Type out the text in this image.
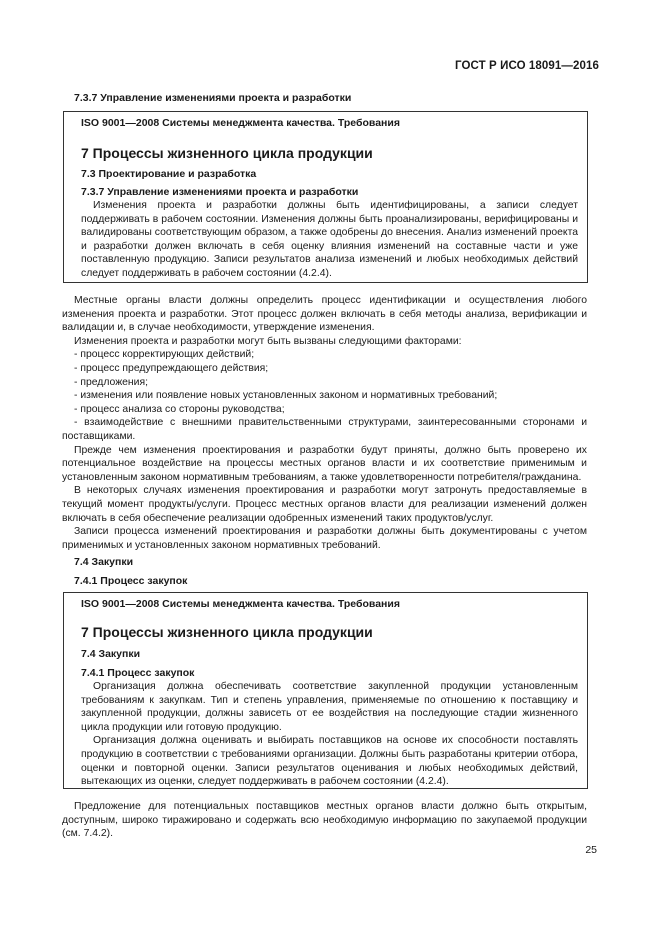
ГОСТ Р ИСО 18091—2016
7.3.7 Управление изменениями проекта и разработки
ISO 9001—2008 Системы менеджмента качества. Требования
7 Процессы жизненного цикла продукции
7.3 Проектирование и разработка
7.3.7 Управление изменениями проекта и разработки
Изменения проекта и разработки должны быть идентифицированы, а записи следует поддерживать в рабочем состоянии. Изменения должны быть проанализированы, верифицированы и валидированы соответствующим образом, а также одобрены до внесения. Анализ изменений проекта и разработки должен включать в себя оценку влияния изменений на составные части и уже поставленную продукцию. Записи результатов анализа изменений и любых необходимых действий следует поддерживать в рабочем состоянии (4.2.4).

Местные органы власти должны определить процесс идентификации и осуществления любого изменения проекта и разработки. Этот процесс должен включать в себя методы анализа, верификации и валидации и, в случае необходимости, утверждение изменения.

Изменения проекта и разработки могут быть вызваны следующими факторами:

- процесс корректирующих действий;

- процесс предупреждающего действия;

- предложения;

- изменения или появление новых установленных законом и нормативных требований;

- процесс анализа со стороны руководства;

- взаимодействие с внешними правительственными структурами, заинтересованными сторонами и поставщиками.

Прежде чем изменения проектирования и разработки будут приняты, должно быть проверено их потенциальное воздействие на процессы местных органов власти и их соответствие применимым и установленным законом нормативным требованиям, а также удовлетворенности потребителя/гражданина.

В некоторых случаях изменения проектирования и разработки могут затронуть предоставляемые в текущий момент продукты/услуги. Процесс местных органов власти для реализации изменений должен включать в себя обеспечение реализации одобренных изменений таких продуктов/услуг.

Записи процесса изменений проектирования и разработки должны быть документированы с учетом применимых и установленных законом нормативных требований.

7.4 Закупки
7.4.1 Процесс закупок
ISO 9001—2008 Системы менеджмента качества. Требования
7 Процессы жизненного цикла продукции
7.4 Закупки
7.4.1 Процесс закупок

Организация должна обеспечивать соответствие закупленной продукции установленным требованиям к закупкам. Тип и степень управления, применяемые по отношению к поставщику и закупленной продукции, должны зависеть от ее воздействия на последующие стадии жизненного цикла продукции или готовую продукцию.

Организация должна оценивать и выбирать поставщиков на основе их способности поставлять продукцию в соответствии с требованиями организации. Должны быть разработаны критерии отбора, оценки и повторной оценки. Записи результатов оценивания и любых необходимых действий, вытекающих из оценки, следует поддерживать в рабочем состоянии (4.2.4).

Предложение для потенциальных поставщиков местных органов власти должно быть открытым, доступным, широко тиражировано и содержать всю необходимую информацию по закупаемой продукции (см. 7.4.2).

25
